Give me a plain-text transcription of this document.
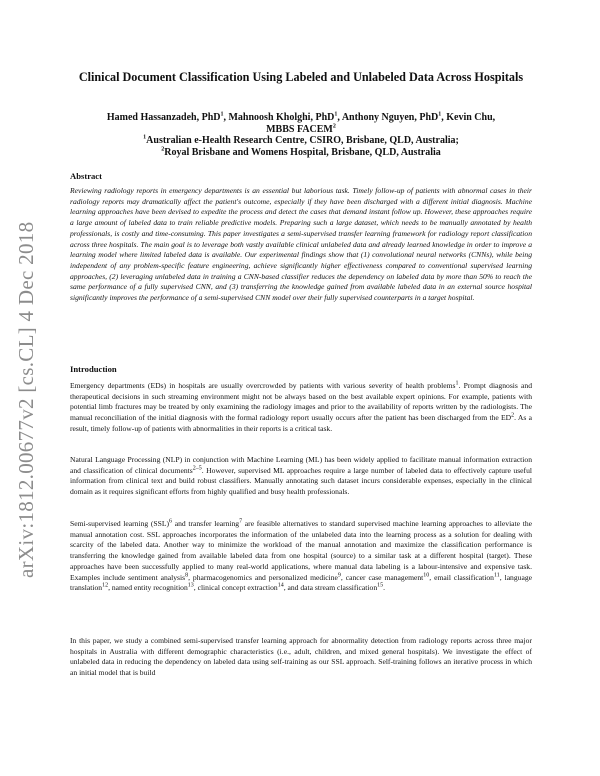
arXiv:1812.00677v2 [cs.CL] 4 Dec 2018
Clinical Document Classification Using Labeled and Unlabeled Data Across Hospitals
Hamed Hassanzadeh, PhD$^1$, Mahnoosh Kholghi, PhD$^1$, Anthony Nguyen, PhD$^1$, Kevin Chu,
MBBS FACEM$^2$
$^1$Australian e-Health Research Centre, CSIRO, Brisbane, QLD, Australia;
$^2$Royal Brisbane and Womens Hospital, Brisbane, QLD, Australia
Abstract
Reviewing radiology reports in emergency departments is an essential but laborious task. Timely follow-up of patients with abnormal cases in their radiology reports may dramatically affect the patient's outcome, especially if they have been discharged with a different initial diagnosis. Machine learning approaches have been devised to expedite the process and detect the cases that demand instant follow up. However, these approaches require a large amount of labeled data to train reliable predictive models. Preparing such a large dataset, which needs to be manually annotated by health professionals, is costly and time-consuming. This paper investigates a semi-supervised transfer learning framework for radiology report classification across three hospitals. The main goal is to leverage both vastly available clinical unlabeled data and already learned knowledge in order to improve a learning model where limited labeled data is available. Our experimental findings show that (1) convolutional neural networks (CNNs), while being independent of any problem-specific feature engineering, achieve significantly higher effectiveness compared to conventional supervised learning approaches, (2) leveraging unlabeled data in training a CNN-based classifier reduces the dependency on labeled data by more than 50% to reach the same performance of a fully supervised CNN, and (3) transferring the knowledge gained from available labeled data in an external source hospital significantly improves the performance of a semi-supervised CNN model over their fully supervised counterparts in a target hospital.
Introduction
Emergency departments (EDs) in hospitals are usually overcrowded by patients with various severity of health problems$^1$. Prompt diagnosis and therapeutical decisions in such streaming environment might not be always based on the best available expert opinions. For example, patients with potential limb fractures may be treated by only examining the radiology images and prior to the availability of reports written by the radiologists. The manual reconciliation of the initial diagnosis with the formal radiology report usually occurs after the patient has been discharged from the $ED^2$. As a result, timely follow-up of patients with abnormalities in their reports is a critical task.
Natural Language Processing (NLP) in conjunction with Machine Learning (ML) has been widely applied to facilitate manual information extraction and classification of clinical documents$^{2-5}$. However, supervised ML approaches require a large number of labeled data to effectively capture useful information from clinical text and build robust classifiers. Manually annotating such dataset incurs considerable expenses, especially in the clinical domain as it requires significant efforts from highly qualified and busy health professionals.
Semi-supervised learning (SSL)$^6$ and transfer learning$^7$ are feasible alternatives to standard supervised machine learning approaches to alleviate the manual annotation cost. SSL approaches incorporates the information of the unlabeled data into the learning process as a solution for dealing with scarcity of the labeled data. Another way to minimize the workload of the manual annotation and maximize the classification performance is transferring the knowledge gained from available labeled data from one hospital (source) to a similar task at a different hospital (target). These approaches have been successfully applied to many real-world applications, where manual data labeling is a labour-intensive and expensive task. Examples include sentiment analysis$^8$, pharmacogenomics and personalized medicine$^9$, cancer case management$^{10}$, email classification$^{11}$, language translation$^{12}$, named entity recognition$^{13}$, clinical concept extraction$^{14}$, and data stream classification$^{15}$.
In this paper, we study a combined semi-supervised transfer learning approach for abnormality detection from radiology reports across three major hospitals in Australia with different demographic characteristics (i.e., adult, children, and mixed general hospitals). We investigate the effect of unlabeled data in reducing the dependency on labeled data using self-training as our SSL approach. Self-training follows an iterative process in which an initial model that is build
